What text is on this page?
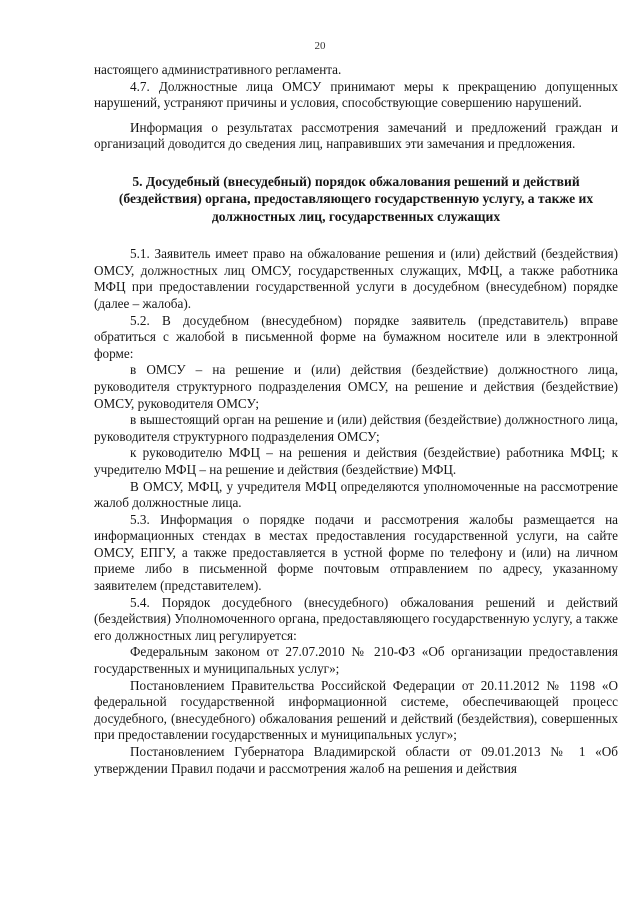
20

настоящего административного регламента.

4.7. Должностные лица ОМСУ принимают меры к прекращению допущенных нарушений, устраняют причины и условия, способствующие совершению нарушений.

Информация о результатах рассмотрения замечаний и предложений граждан и организаций доводится до сведения лиц, направивших эти замечания и предложения.

5. Досудебный (внесудебный) порядок обжалования решений и действий (бездействия) органа, предоставляющего государственную услугу, а также их должностных лиц, государственных служащих

5.1. Заявитель имеет право на обжалование решения и (или) действий (бездействия) ОМСУ, должностных лиц ОМСУ, государственных служащих, МФЦ, а также работника МФЦ при предоставлении государственной услуги в досудебном (внесудебном) порядке (далее – жалоба).

5.2. В досудебном (внесудебном) порядке заявитель (представитель) вправе обратиться с жалобой в письменной форме на бумажном носителе или в электронной форме:

в ОМСУ – на решение и (или) действия (бездействие) должностного лица, руководителя структурного подразделения ОМСУ, на решение и действия (бездействие) ОМСУ, руководителя ОМСУ;

в вышестоящий орган на решение и (или) действия (бездействие) должностного лица, руководителя структурного подразделения ОМСУ;

к руководителю МФЦ – на решения и действия (бездействие) работника МФЦ; к учредителю МФЦ – на решение и действия (бездействие) МФЦ.

В ОМСУ, МФЦ, у учредителя МФЦ определяются уполномоченные на рассмотрение жалоб должностные лица.

5.3. Информация о порядке подачи и рассмотрения жалобы размещается на информационных стендах в местах предоставления государственной услуги, на сайте ОМСУ, ЕПГУ, а также предоставляется в устной форме по телефону и (или) на личном приеме либо в письменной форме почтовым отправлением по адресу, указанному заявителем (представителем).

5.4. Порядок досудебного (внесудебного) обжалования решений и действий (бездействия) Уполномоченного органа, предоставляющего государственную услугу, а также его должностных лиц регулируется:

Федеральным законом от 27.07.2010 № 210-ФЗ «Об организации предоставления государственных и муниципальных услуг»;

Постановлением Правительства Российской Федерации от 20.11.2012 № 1198 «О федеральной государственной информационной системе, обеспечивающей процесс досудебного, (внесудебного) обжалования решений и действий (бездействия), совершенных при предоставлении государственных и муниципальных услуг»;

Постановлением Губернатора Владимирской области от 09.01.2013 № 1 «Об утверждении Правил подачи и рассмотрения жалоб на решения и действия
